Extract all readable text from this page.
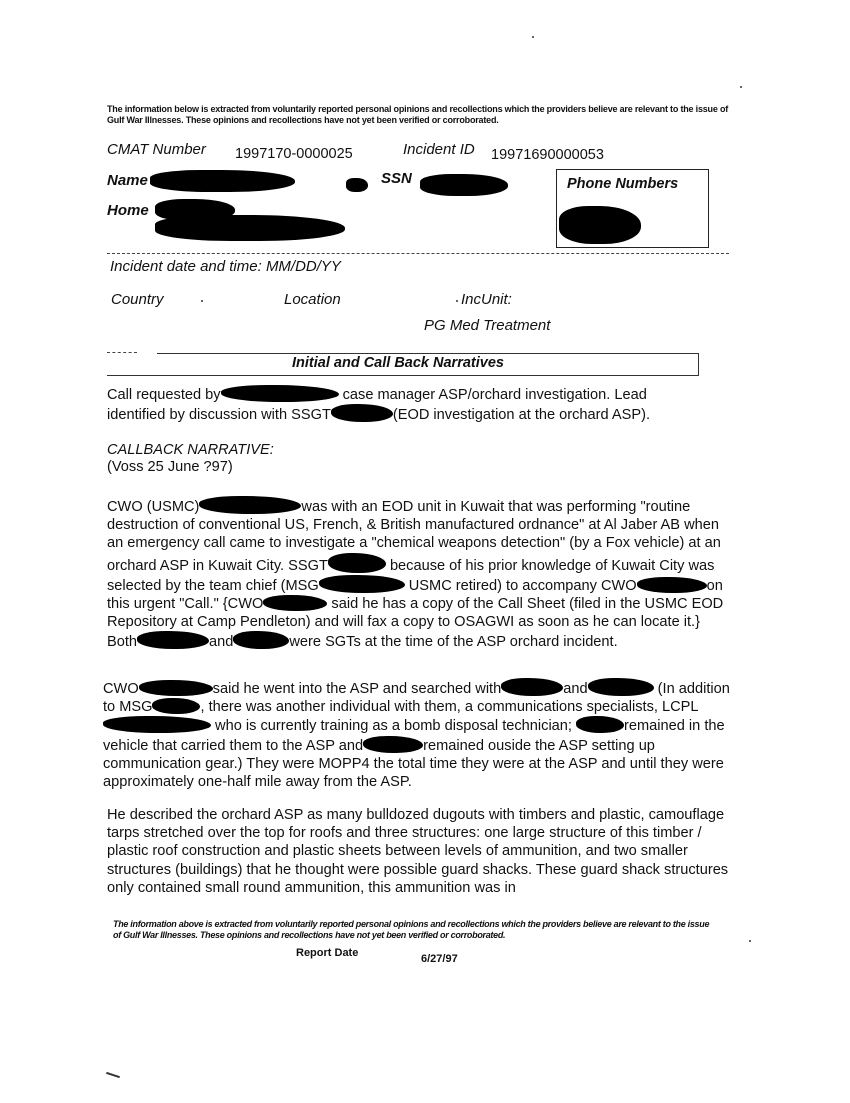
The information below is extracted from voluntarily reported personal opinions and recollections which the providers believe are relevant to the issue of Gulf War Illnesses. These opinions and recollections have not yet been verified or corroborated.
CMAT Number 1997170-0000025	Incident ID 19971690000053
Name	SSN
Home
Phone Numbers
Incident date and time: MM/DD/YY
Country	Location	IncUnit:
PG Med Treatment
Initial and Call Back Narratives

Call requested by	case manager ASP/orchard investigation. Lead identified by discussion with SSGT	(EOD investigation at the orchard ASP).

CALLBACK NARRATIVE:
(Voss 25 June ?97)

CWO (USMC)	was with an EOD unit in Kuwait that was performing "routine destruction of conventional US, French, & British manufactured ordnance" at Al Jaber AB when an emergency call came to investigate a "chemical weapons detection" (by a Fox vehicle) at an orchard ASP in Kuwait City. SSGT	because of his prior knowledge of Kuwait City was selected by the team chief (MSG	USMC retired) to accompany CWO	on this urgent "Call." {CWO	said he has a copy of the Call Sheet (filed in the USMC EOD Repository at Camp Pendleton) and will fax a copy to OSAGWI as soon as he can locate it.} Both	and	were SGTs at the time of the ASP orchard incident.

CWO	said he went into the ASP and searched with	and	(In addition to MSG	, there was another individual with them, a communications specialists, LCPL who is currently training as a bomb disposal technician;	remained in the vehicle that carried them to the ASP and	remained ouside the ASP setting up communication gear.) They were MOPP4 the total time they were at the ASP and until they were approximately one-half mile away from the ASP.

He described the orchard ASP as many bulldozed dugouts with timbers and plastic, camouflage tarps stretched over the top for roofs and three structures: one large structure of this timber / plastic roof construction and plastic sheets between levels of ammunition, and two smaller structures (buildings) that he thought were possible guard shacks. These guard shack structures only contained small round ammunition, this ammunition was in
The information above is extracted from voluntarily reported personal opinions and recollections which the providers believe are relevant to the issue of Gulf War Illnesses. These opinions and recollections have not yet been verified or corroborated.
Report Date	6/27/97
